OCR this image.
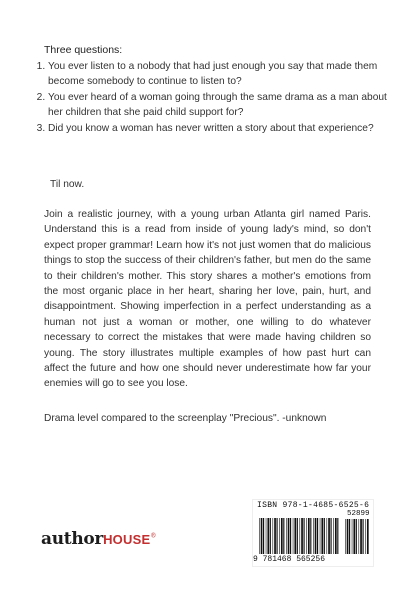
Three questions:
1. You ever listen to a nobody that had just enough you say that made them become somebody to continue to listen to?
2. You ever heard of a woman going through the same drama as a man about her children that she paid child support for?
3. Did you know a woman has never written a story about that experience?
Til now.

Join a realistic journey, with a young urban Atlanta girl named Paris. Understand this is a read from inside of young lady's mind, so don't expect proper grammar! Learn how it's not just women that do malicious things to stop the success of their children's father, but men do the same to their children's mother. This story shares a mother's emotions from the most organic place in her heart, sharing her love, pain, hurt, and disappointment. Showing imperfection in a perfect understanding as a human not just a woman or mother, one willing to do whatever necessary to correct the mistakes that were made having children so young. The story illustrates multiple examples of how past hurt can affect the future and how one should never underestimate how far your enemies will go to see you lose.

Drama level compared to the screenplay "Precious". -unknown

authorHOUSE®
ISBN 978-1-4685-6525-6
52899
9 781468 565256
